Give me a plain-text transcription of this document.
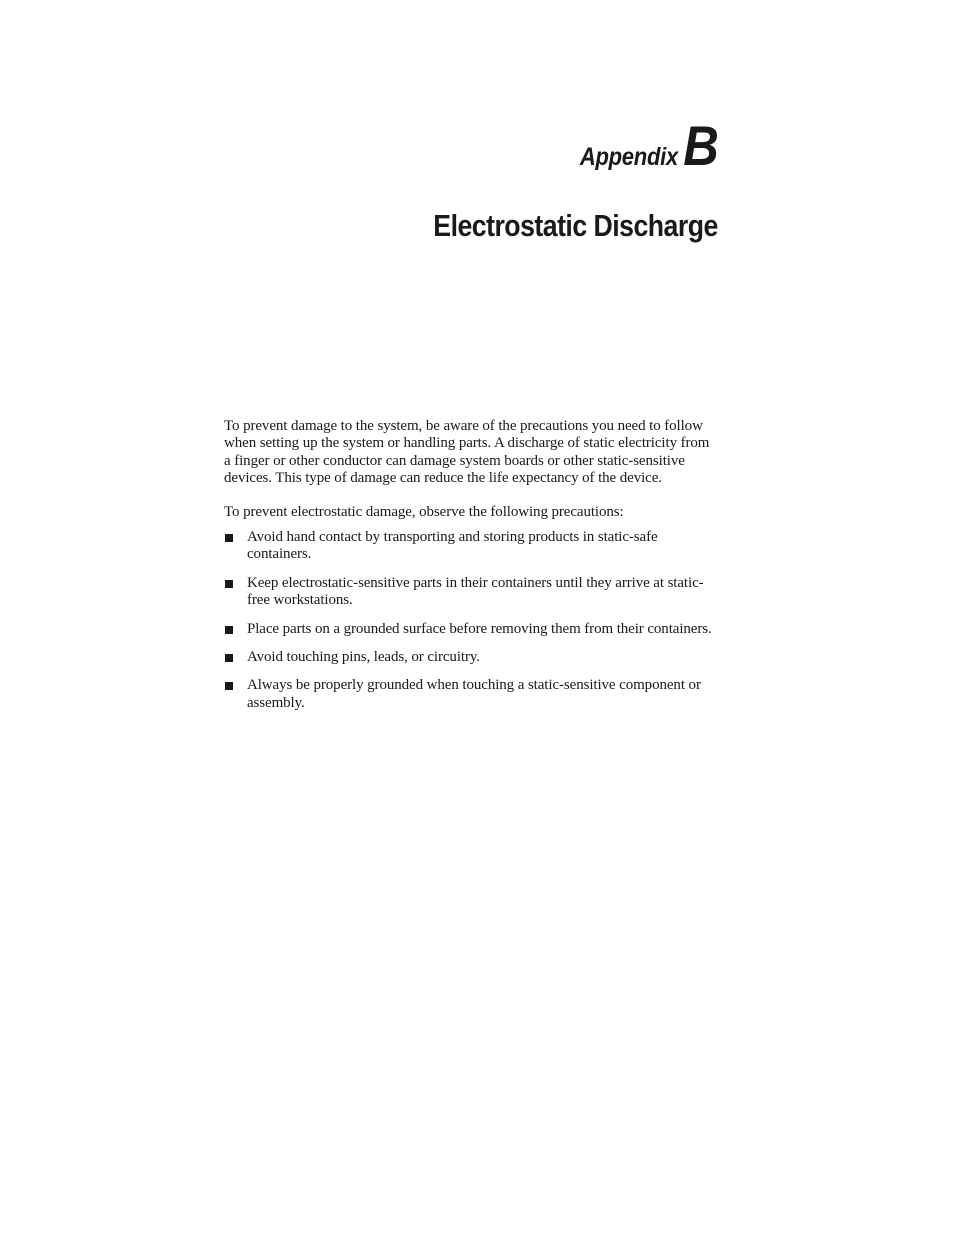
AppendixB
Electrostatic Discharge

To prevent damage to the system, be aware of the precautions you need to follow when setting up the system or handling parts. A discharge of static electricity from a finger or other conductor can damage system boards or other static-sensitive devices. This type of damage can reduce the life expectancy of the device.

To prevent electrostatic damage, observe the following precautions:

Avoid hand contact by transporting and storing products in static-safe containers.
Keep electrostatic-sensitive parts in their containers until they arrive at static-free workstations.
Place parts on a grounded surface before removing them from their containers.
Avoid touching pins, leads, or circuitry.
Always be properly grounded when touching a static-sensitive component or assembly.
